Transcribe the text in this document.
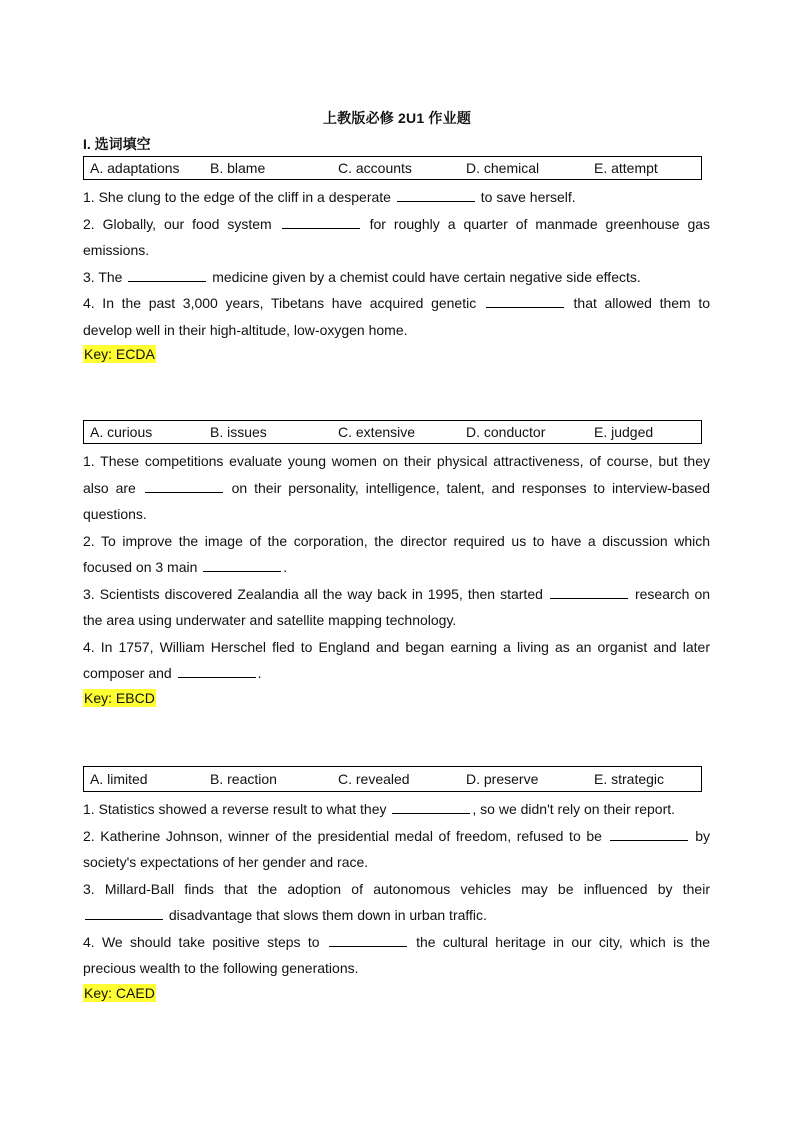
上教版必修 2U1 作业题
I. 选词填空
A. adaptations	B. blame	C. accounts	D. chemical	E. attempt

1. She clung to the edge of the cliff in a desperate	to save herself.

2. Globally, our food system	for roughly a quarter of manmade greenhouse gas emissions.

3. The	medicine given by a chemist could have certain negative side effects.

4. In the past 3,000 years, Tibetans have acquired genetic	that allowed them to develop well in their high-altitude, low-oxygen home.

Key: ECDA
A. curious	B. issues	C. extensive	D. conductor	E. judged

1. These competitions evaluate young women on their physical attractiveness, of course, but they also are	on their personality, intelligence, talent, and responses to interview-based questions.

2. To improve the image of the corporation, the director required us to have a discussion which focused on 3 main	.

3. Scientists discovered Zealandia all the way back in 1995, then started	research on the area using underwater and satellite mapping technology.

4. In 1757, William Herschel fled to England and began earning a living as an organist and later composer and	.

Key: EBCD
A. limited	B. reaction	C. revealed	D. preserve	E. strategic

1. Statistics showed a reverse result to what they	, so we didn't rely on their report.

2. Katherine Johnson, winner of the presidential medal of freedom, refused to be	by society's expectations of her gender and race.

3. Millard-Ball finds that the adoption of autonomous vehicles may be influenced by their  disadvantage that slows them down in urban traffic.

4. We should take positive steps to	the cultural heritage in our city, which is the precious wealth to the following generations.

Key: CAED
